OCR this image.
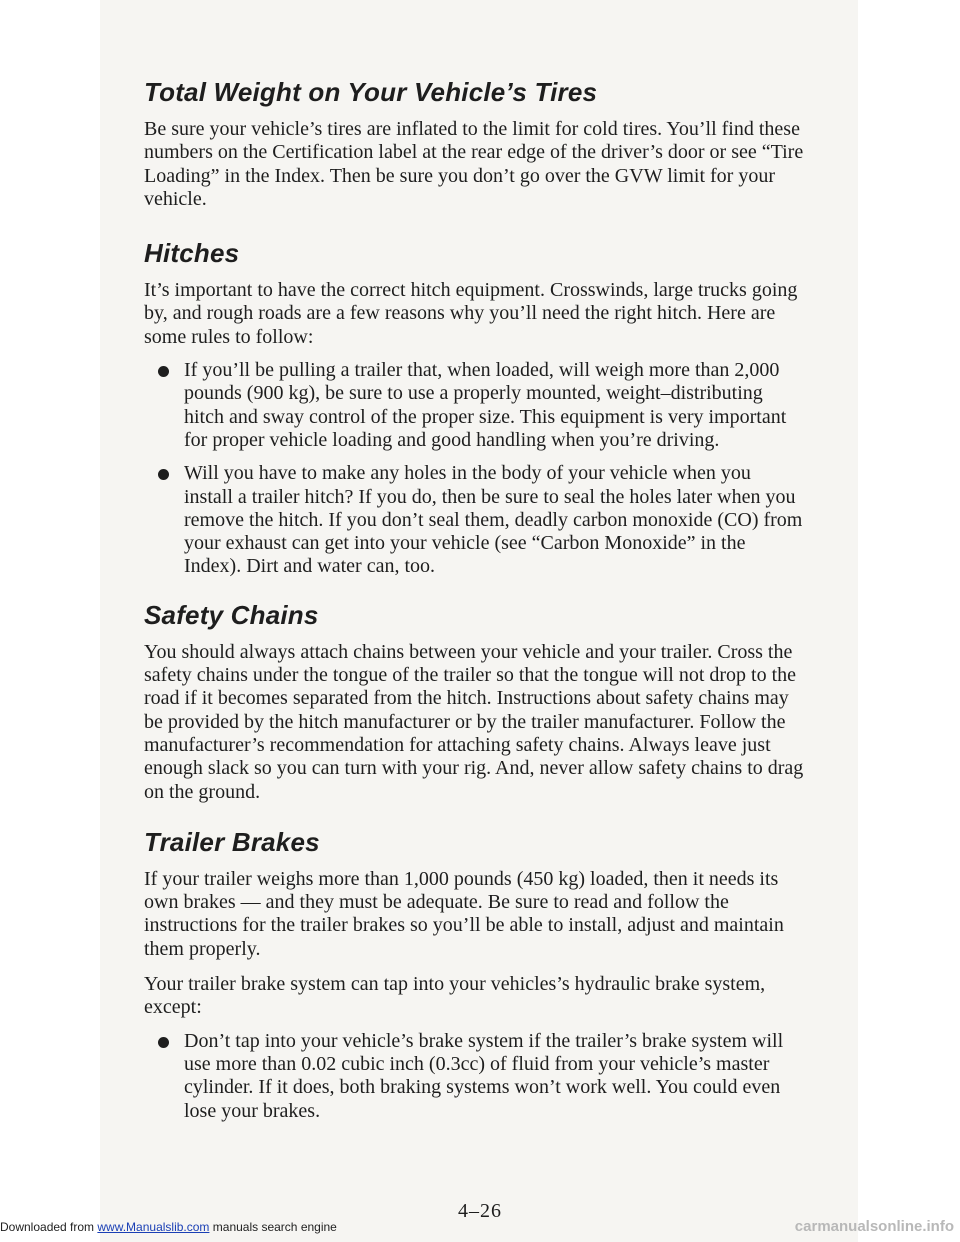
Total Weight on Your Vehicle’s Tires

Be sure your vehicle’s tires are inflated to the limit for cold tires. You’ll find these numbers on the Certification label at the rear edge of the driver’s door or see “Tire Loading” in the Index. Then be sure you don’t go over the GVW limit for your vehicle.

Hitches

It’s important to have the correct hitch equipment. Crosswinds, large trucks going by, and rough roads are a few reasons why you’ll need the right hitch. Here are some rules to follow:

If you’ll be pulling a trailer that, when loaded, will weigh more than 2,000 pounds (900 kg), be sure to use a properly mounted, weight–distributing hitch and sway control of the proper size. This equipment is very important for proper vehicle loading and good handling when you’re driving.
Will you have to make any holes in the body of your vehicle when you install a trailer hitch? If you do, then be sure to seal the holes later when you remove the hitch. If you don’t seal them, deadly carbon monoxide (CO) from your exhaust can get into your vehicle (see “Carbon Monoxide” in the Index). Dirt and water can, too.
Safety Chains

You should always attach chains between your vehicle and your trailer. Cross the safety chains under the tongue of the trailer so that the tongue will not drop to the road if it becomes separated from the hitch. Instructions about safety chains may be provided by the hitch manufacturer or by the trailer manufacturer. Follow the manufacturer’s recommendation for attaching safety chains. Always leave just enough slack so you can turn with your rig. And, never allow safety chains to drag on the ground.

Trailer Brakes

If your trailer weighs more than 1,000 pounds (450 kg) loaded, then it needs its own brakes — and they must be adequate. Be sure to read and follow the instructions for the trailer brakes so you’ll be able to install, adjust and maintain them properly.

Your trailer brake system can tap into your vehicles’s hydraulic brake system, except:

Don’t tap into your vehicle’s brake system if the trailer’s brake system will use more than 0.02 cubic inch (0.3cc) of fluid from your vehicle’s master cylinder. If it does, both braking systems won’t work well. You could even lose your brakes.
4–26
Downloaded from www.Manualslib.com manuals search engine	carmanualsonline.info
